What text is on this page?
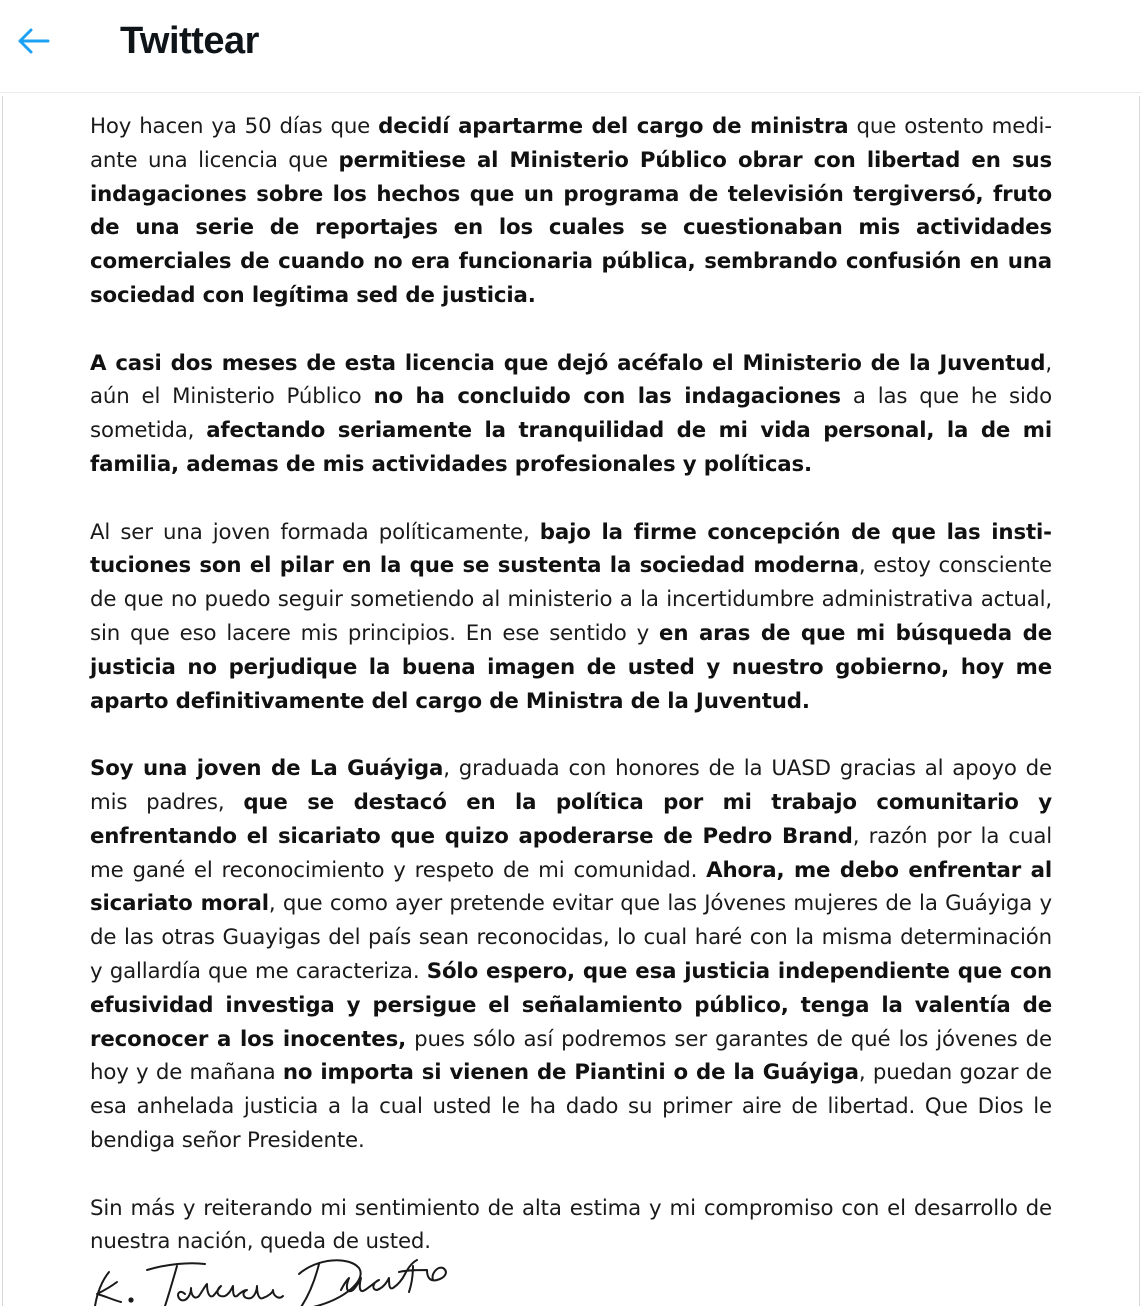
Twittear

Hoy hacen ya 50 días que decidí apartarme del cargo de ministra que ostento mediante una licencia que permitiese al Ministerio Público obrar con libertad en sus indagaciones sobre los hechos que un programa de televisión tergiversó, fruto de una serie de reportajes en los cuales se cuestionaban mis actividades comerciales de cuando no era funcionaria pública, sembrando confusión en una sociedad con legítima sed de justicia.

A casi dos meses de esta licencia que dejó acéfalo el Ministerio de la Juventud, aún el Ministerio Público no ha concluido con las indagaciones a las que he sido sometida, afectando seriamente la tranquilidad de mi vida personal, la de mi familia, ademas de mis actividades profesionales y políticas.

Al ser una joven formada políticamente, bajo la firme concepción de que las instituciones son el pilar en la que se sustenta la sociedad moderna, estoy consciente de que no puedo seguir sometiendo al ministerio a la incertidumbre administrativa actual, sin que eso lacere mis principios. En ese sentido y en aras de que mi búsqueda de justicia no perjudique la buena imagen de usted y nuestro gobierno, hoy me aparto definitivamente del cargo de Ministra de la Juventud.

Soy una joven de La Guáyiga, graduada con honores de la UASD gracias al apoyo de mis padres, que se destacó en la política por mi trabajo comunitario y enfrentando el sicariato que quizo apoderarse de Pedro Brand, razón por la cual me gané el reconocimiento y respeto de mi comunidad. Ahora, me debo enfrentar al sicariato moral, que como ayer pretende evitar que las Jóvenes mujeres de la Guáyiga y de las otras Guayigas del país sean reconocidas, lo cual haré con la misma determinación y gallardía que me caracteriza. Sólo espero, que esa justicia independiente que con efusividad investiga y persigue el señalamiento público, tenga la valentía de reconocer a los inocentes, pues sólo así podremos ser garantes de qué los jóvenes de hoy y de mañana no importa si vienen de Piantini o de la Guáyiga, puedan gozar de esa anhelada justicia a la cual usted le ha dado su primer aire de libertad. Que Dios le bendiga señor Presidente.

Sin más y reiterando mi sentimiento de alta estima y mi compromiso con el desarrollo de nuestra nación, queda de usted.
